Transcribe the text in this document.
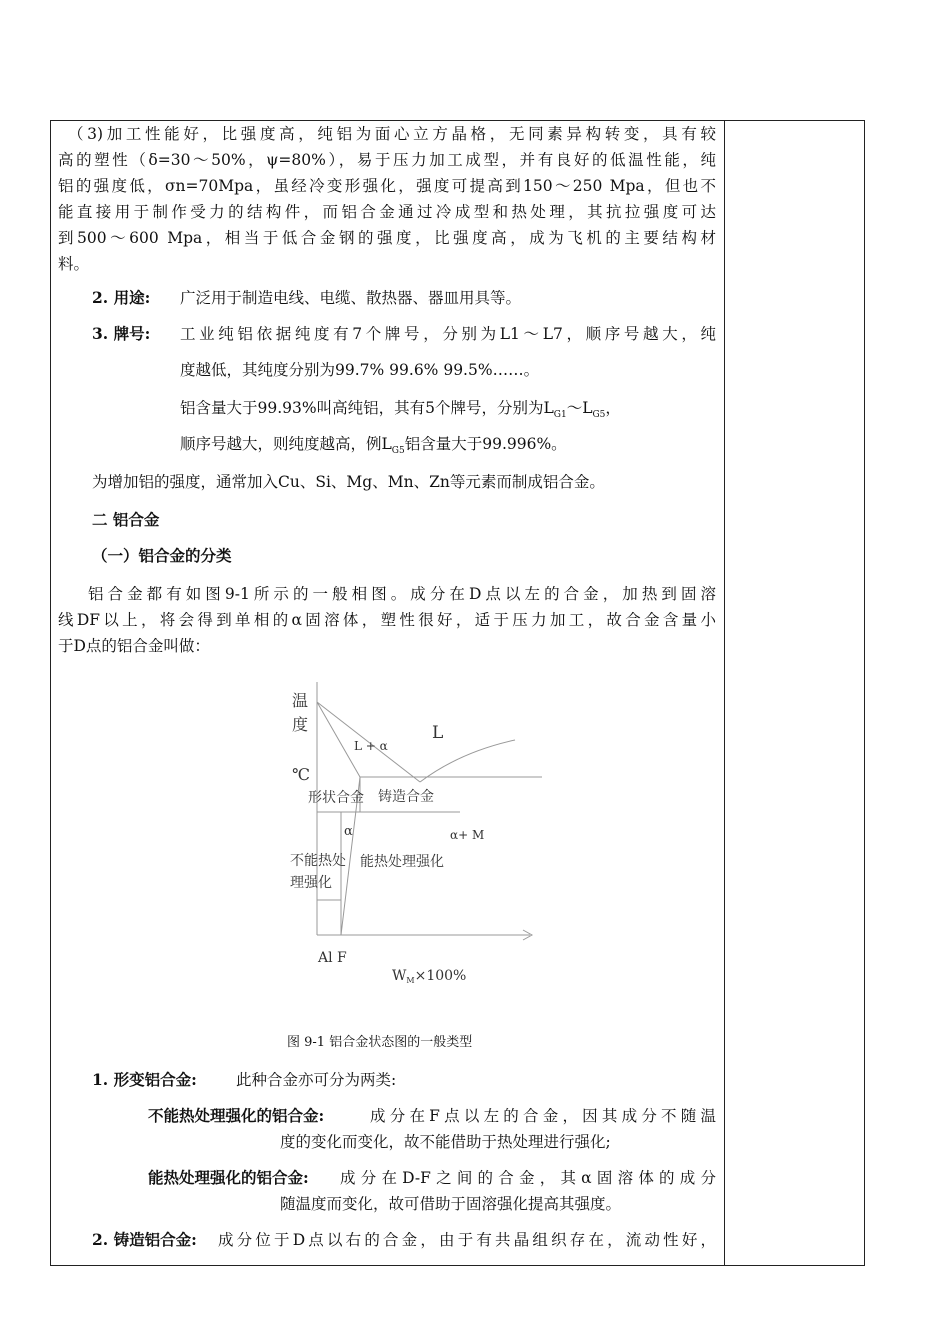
（3)加工性能好，比强度高，纯铝为面心立方晶格，无同素异构转变，具有较
高的塑性（δ=30～50%，ψ=80%），易于压力加工成型，并有良好的低温性能，纯
铝的强度低，σn=70Mpa，虽经冷变形强化，强度可提高到150～250 Mpa，但也不
能直接用于制作受力的结构件，而铝合金通过冷成型和热处理，其抗拉强度可达
到500～600 Mpa，相当于低合金钢的强度，比强度高，成为飞机的主要结构材
料。
2. 用途: 广泛用于制造电线、电缆、散热器、器皿用具等。
3. 牌号: 工业纯铝依据纯度有7个牌号，分别为L1～L7，顺序号越大，纯
度越低，其纯度分别为99.7% 99.6% 99.5%……。
铝含量大于99.93%叫高纯铝，其有5个牌号，分别为$L_{G1}\sim L_{G5}$，
顺序号越大，则纯度越高，例$L_{G5}$铝含量大于99.996%。
为增加铝的强度，通常加入Cu、Si、Mg、Mn、Zn等元素而制成铝合金。
二 铝合金
（一）铝合金的分类
铝合金都有如图9-1所示的一般相图。成分在D点以左的合金，加热到固溶
线DF以上，将会得到单相的α固溶体，塑性很好，适于压力加工，故合金含量小
于D点的铝合金叫做：
1. 形变铝合金:	此种合金亦可分为两类:
不能热处理强化的铝合金:	成分在F点以左的合金，因其成分不随温
度的变化而变化，故不能借助于热处理进行强化;
能热处理强化的铝合金: 成分在D-F之间的合金，其α固溶体的成分
随温度而变化，故可借助于固溶强化提高其强度。
2. 铸造铝合金: 成分位于D点以右的合金，由于有共晶组织存在，流动性好，
温
度
℃
L
L + α
形状合金 铸造合金
α	α+ M
不能热处
理强化
能热处理强化
Al F
$W_M\times 100\%$
图 9-1 铝合金状态图的一般类型
